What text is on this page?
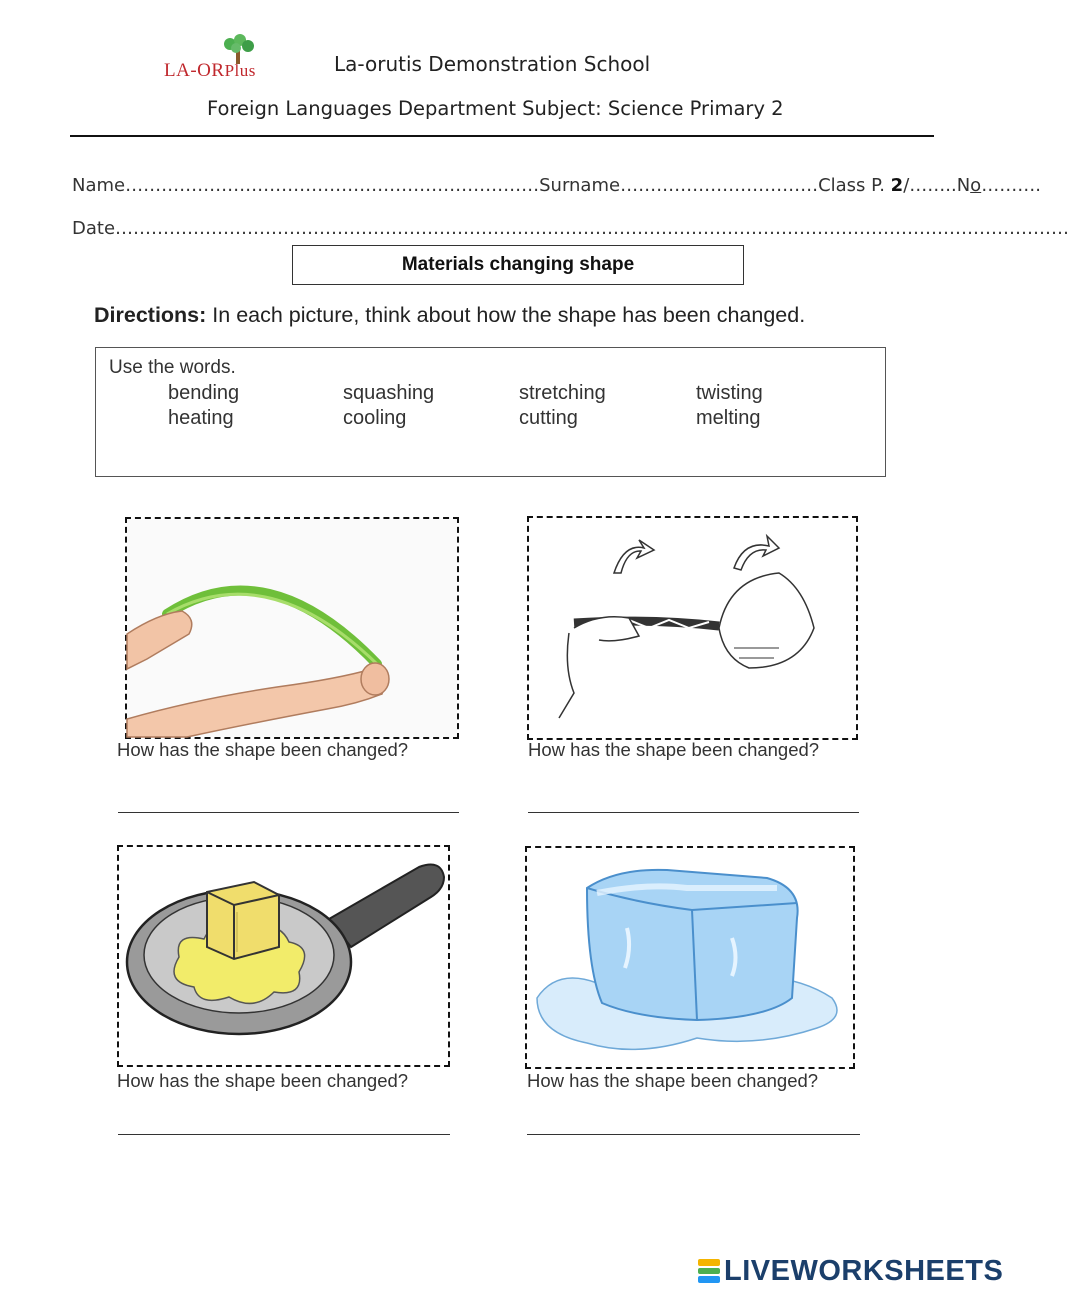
LA-ORPlus	La-orutis Demonstration School
Foreign Languages Department Subject: Science Primary 2
Name……………………………………………………………Surname……………………………Class P. 2/……..No……….
Date……………………………………………………………………………………………………………………………………………
Materials changing shape
Directions: In each picture, think about how the shape has been changed.
Use the words.
bending	squashing	stretching	twisting
heating	cooling	cutting	melting
How has the shape been changed?	How has the shape been changed?
How has the shape been changed?	How has the shape been changed?
LIVEWORKSHEETS
